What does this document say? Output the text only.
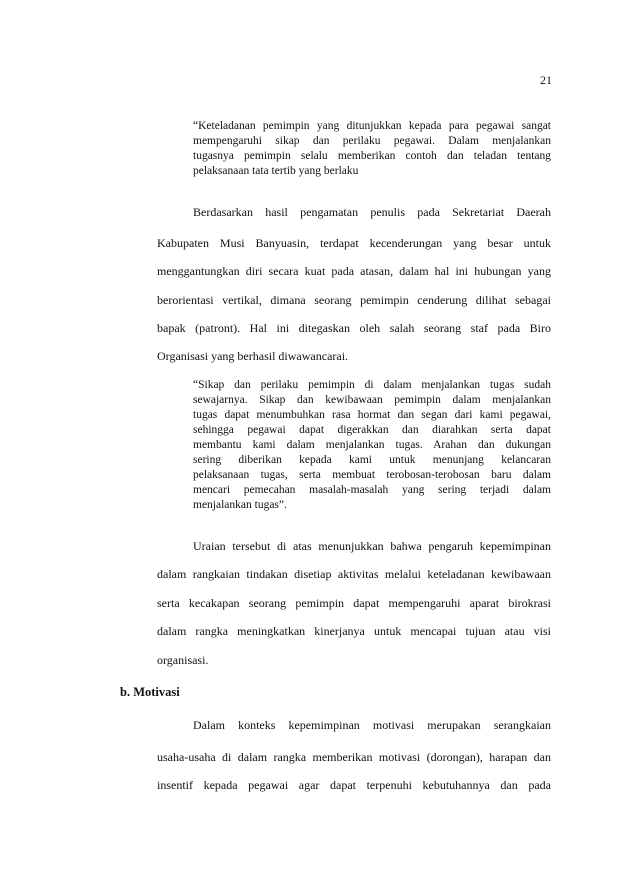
21
“Keteladanan pemimpin yang ditunjukkan kepada para pegawai sangat
mempengaruhi sikap dan perilaku pegawai. Dalam menjalankan
tugasnya pemimpin selalu memberikan contoh dan teladan tentang
pelaksanaan tata tertib yang berlaku
Berdasarkan hasil pengamatan penulis pada Sekretariat Daerah
Kabupaten Musi Banyuasin, terdapat kecenderungan yang besar untuk
menggantungkan diri secara kuat pada atasan, dalam hal ini hubungan yang
berorientasi vertikal, dimana seorang pemimpin cenderung dilihat sebagai
bapak (patront). Hal ini ditegaskan oleh salah seorang staf pada Biro
Organisasi yang berhasil diwawancarai.
“Sikap dan perilaku pemimpin di dalam menjalankan tugas sudah
sewajarnya. Sikap dan kewibawaan pemimpin dalam menjalankan
tugas dapat menumbuhkan rasa hormat dan segan dari kami pegawai,
sehingga pegawai dapat digerakkan dan diarahkan serta dapat
membantu kami dalam menjalankan tugas. Arahan dan dukungan
sering diberikan kepada kami untuk menunjang kelancaran
pelaksanaan tugas, serta membuat terobosan-terobosan baru dalam
mencari pemecahan masalah-masalah yang sering terjadi dalam
menjalankan tugas”.
Uraian tersebut di atas menunjukkan bahwa pengaruh kepemimpinan
dalam rangkaian tindakan disetiap aktivitas melalui keteladanan kewibawaan
serta kecakapan seorang pemimpin dapat mempengaruhi aparat birokrasi
dalam rangka meningkatkan kinerjanya untuk mencapai tujuan atau visi
organisasi.
b. Motivasi
Dalam konteks kepemimpinan motivasi merupakan serangkaian
usaha-usaha di dalam rangka memberikan motivasi (dorongan), harapan dan
insentif kepada pegawai agar dapat terpenuhi kebutuhannya dan pada
